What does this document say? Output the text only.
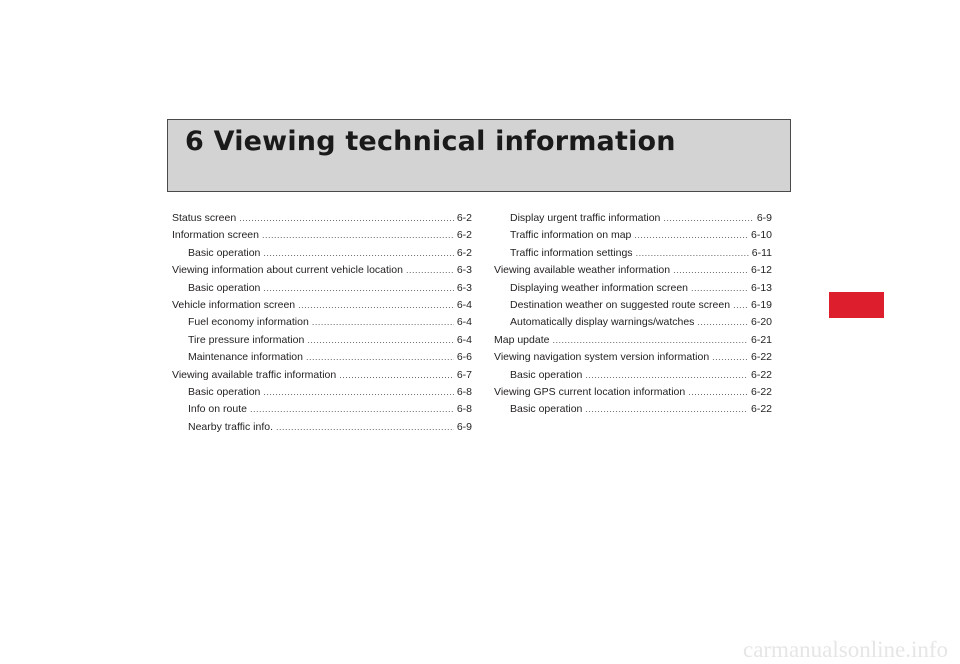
6 Viewing technical information
Status screen .....	6-2
Information screen .....	6-2
Basic operation .....	6-2
Viewing information about current vehicle location .....	6-3
Basic operation .....	6-3
Vehicle information screen .....	6-4
Fuel economy information .....	6-4
Tire pressure information .....	6-4
Maintenance information .....	6-6
Viewing available traffic information .....	6-7
Basic operation .....	6-8
Info on route .....	6-8
Nearby traffic info. .....	6-9
Display urgent traffic information .....	6-9
Traffic information on map .....	6-10
Traffic information settings .....	6-11
Viewing available weather information .....	6-12
Displaying weather information screen .....	6-13
Destination weather on suggested route screen ..... 6-19
Automatically display warnings/watches .....	6-20
Map update .....	6-21
Viewing navigation system version information .....	6-22
Basic operation .....	6-22
Viewing GPS current location information .....	6-22
Basic operation .....	6-22
carmanualsonline.info
